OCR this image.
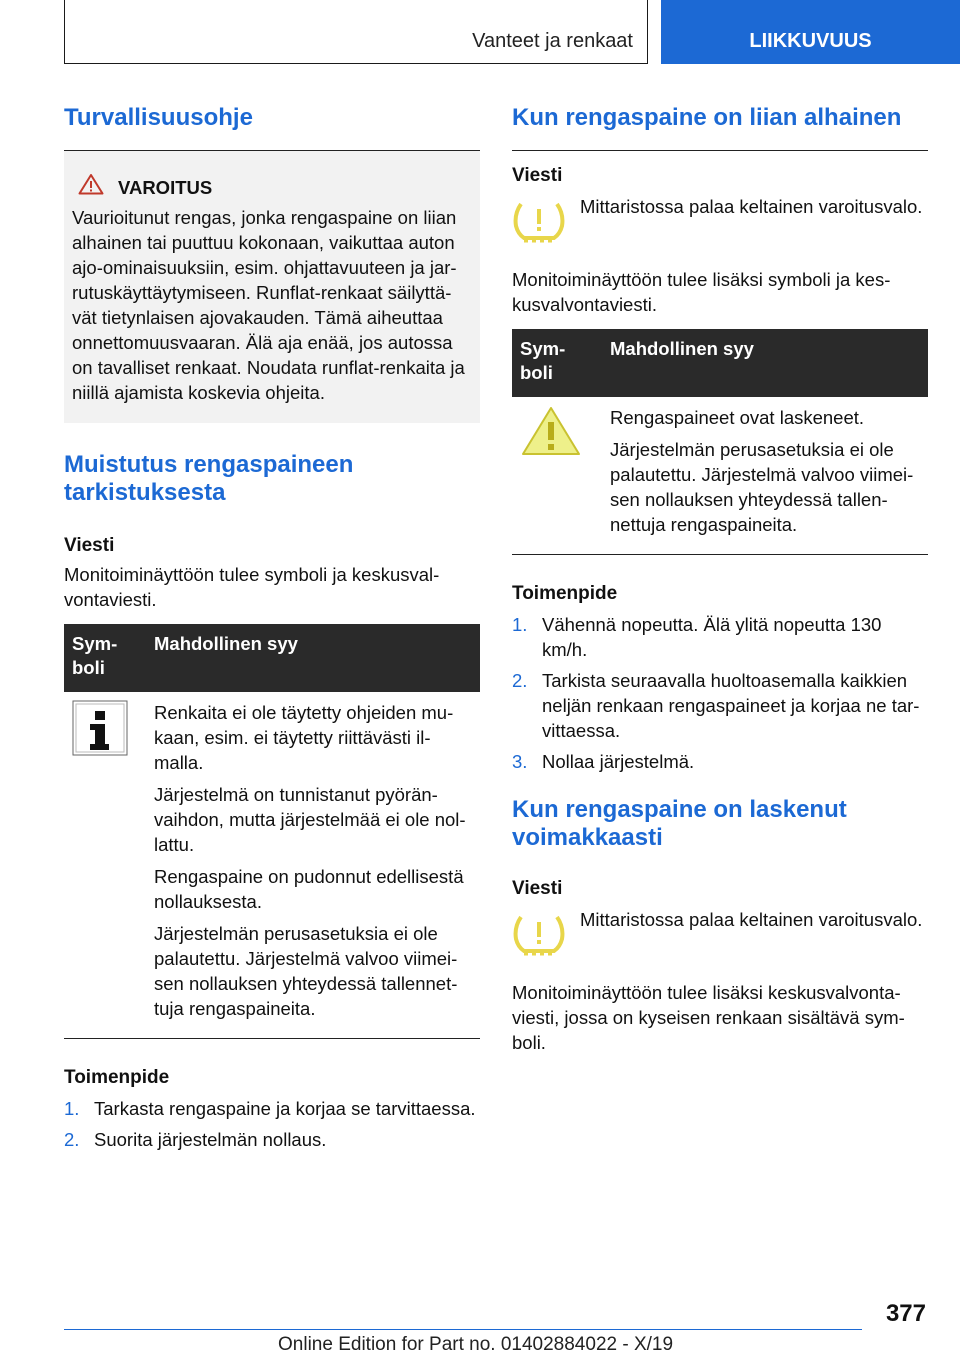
Vanteet ja renkaat	LIIKKUVUUS
Turvallisuusohje
VAROITUS

Vaurioitunut rengas, jonka rengaspaine on liian alhainen tai puuttuu kokonaan, vaikuttaa auton ajo-ominaisuuksiin, esim. ohjattavuuteen ja jar-rutuskäyttäytymiseen. Runflat-renkaat säilyttä-vät tietynlaisen ajovakauden. Tämä aiheuttaa onnettomuusvaaran. Älä aja enää, jos autossa on tavalliset renkaat. Noudata runflat-renkaita ja niillä ajamista koskevia ohjeita.

Muistutus rengaspaineen tarkistuksesta

Viesti

Monitoiminäyttöön tulee symboli ja keskusval-vontaviesti.

Sym-boli	Mahdollinen syy

Renkaita ei ole täytetty ohjeiden mu-kaan, esim. ei täytetty riittävästi il-malla.

Järjestelmä on tunnistanut pyörän-vaihdon, mutta järjestelmää ei ole nol-lattu.

Rengaspaine on pudonnut edellisestä nollauksesta.

Järjestelmän perusasetuksia ei ole palautettu. Järjestelmä valvoo viimei-sen nollauksen yhteydessä tallennet-tuja rengaspaineita.

Toimenpide

1. Tarkasta rengaspaine ja korjaa se tarvittaessa.
2. Suorita järjestelmän nollaus.
Kun rengaspaine on liian alhainen

Viesti

Mittaristossa palaa keltainen varoitusvalo.

Monitoiminäyttöön tulee lisäksi symboli ja kes-kusvalvontaviesti.

Sym-boli	Mahdollinen syy

Rengaspaineet ovat laskeneet.

Järjestelmän perusasetuksia ei ole palautettu. Järjestelmä valvoo viimei-sen nollauksen yhteydessä tallen-nettuja rengaspaineita.

Toimenpide

1. Vähennä nopeutta. Älä ylitä nopeutta 130 km/h.
2. Tarkista seuraavalla huoltoasemalla kaikkien neljän renkaan rengaspaineet ja korjaa ne tar-vittaessa.
3. Nollaa järjestelmä.
Kun rengaspaine on laskenut voimakkaasti

Viesti

Mittaristossa palaa keltainen varoitusvalo.

Monitoiminäyttöön tulee lisäksi keskusvalvonta-viesti, jossa on kyseisen renkaan sisältävä sym-boli.

377
Online Edition for Part no. 01402884022 - X/19
